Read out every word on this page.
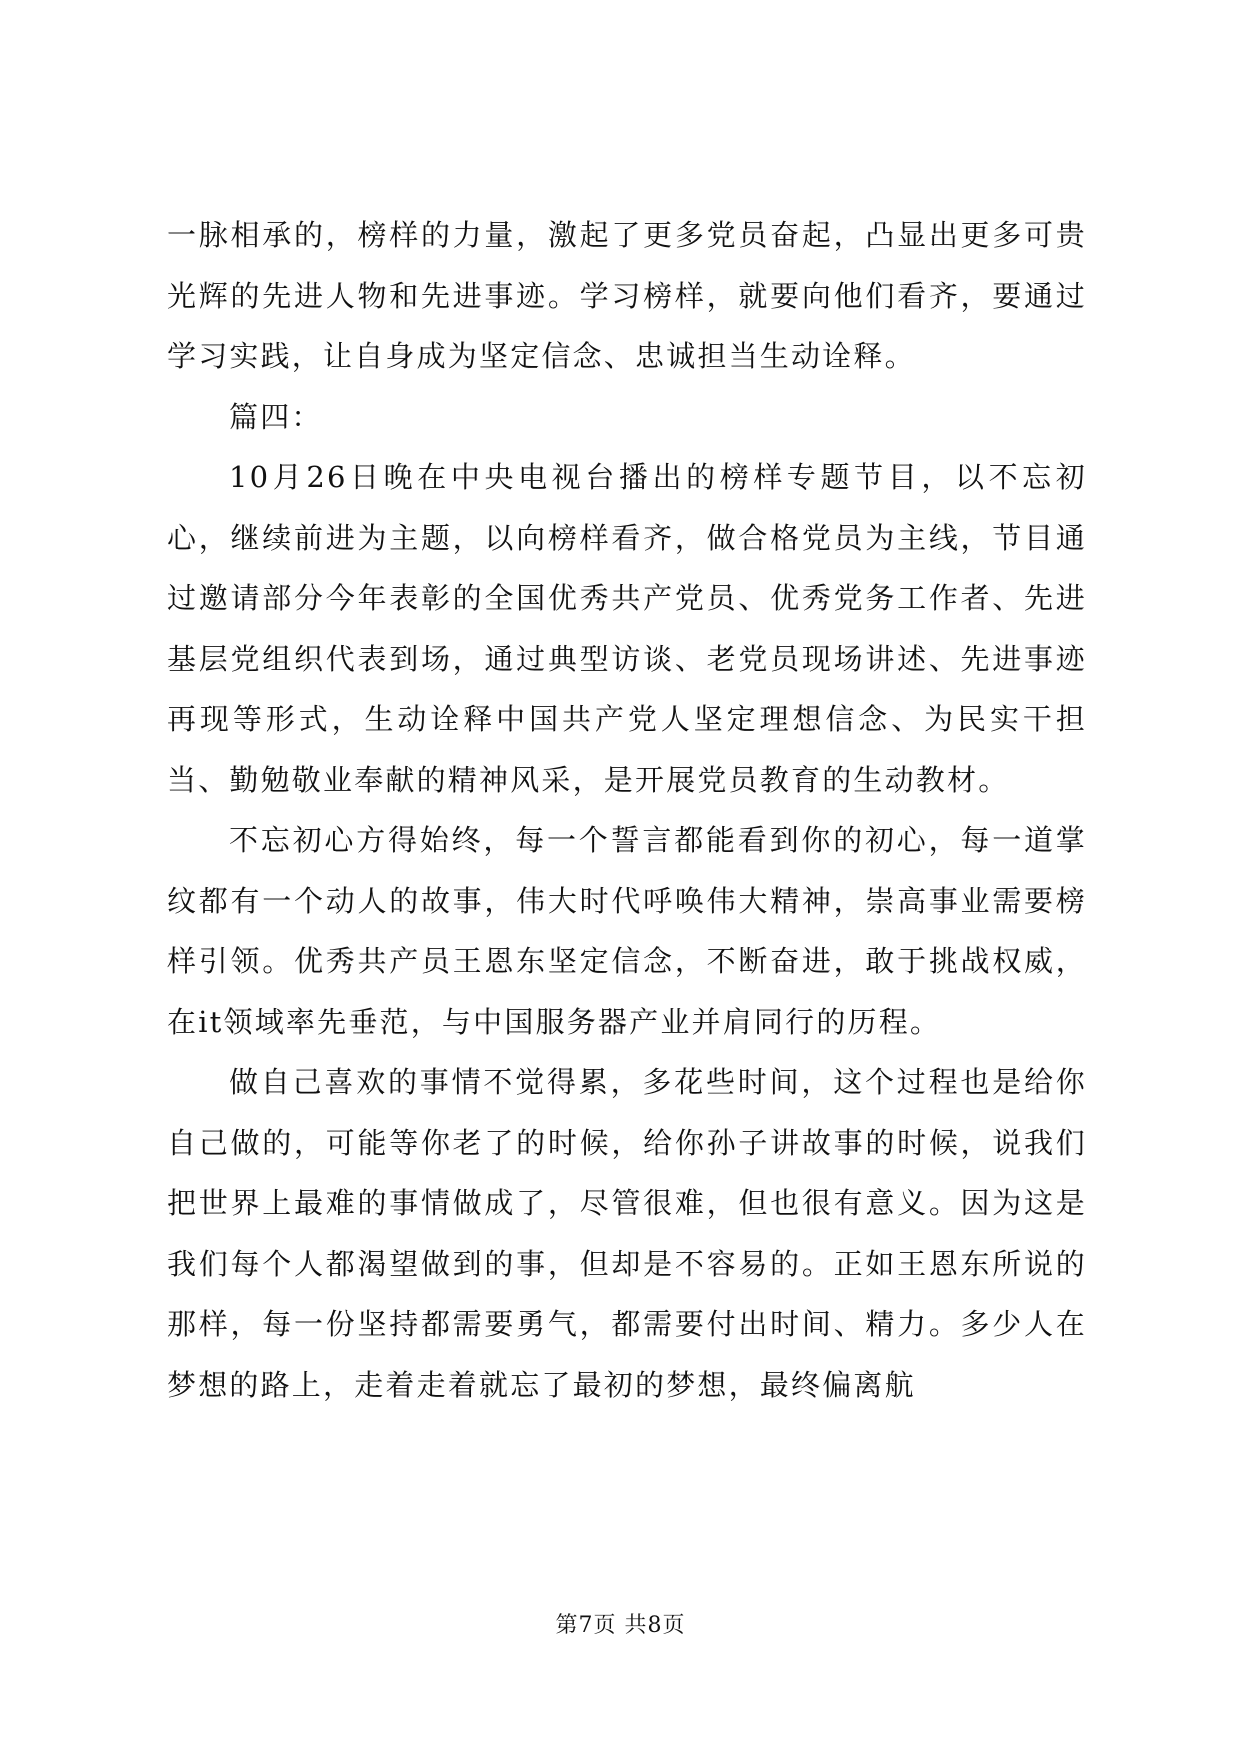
一脉相承的，榜样的力量，激起了更多党员奋起，凸显出更多可贵光辉的先进人物和先进事迹。学习榜样，就要向他们看齐，要通过学习实践，让自身成为坚定信念、忠诚担当生动诠释。

篇四：

10月26日晚在中央电视台播出的榜样专题节目，以不忘初心，继续前进为主题，以向榜样看齐，做合格党员为主线，节目通过邀请部分今年表彰的全国优秀共产党员、优秀党务工作者、先进基层党组织代表到场，通过典型访谈、老党员现场讲述、先进事迹再现等形式，生动诠释中国共产党人坚定理想信念、为民实干担当、勤勉敬业奉献的精神风采，是开展党员教育的生动教材。

不忘初心方得始终，每一个誓言都能看到你的初心，每一道掌纹都有一个动人的故事，伟大时代呼唤伟大精神，崇高事业需要榜样引领。优秀共产员王恩东坚定信念，不断奋进，敢于挑战权威，在it领域率先垂范，与中国服务器产业并肩同行的历程。

做自己喜欢的事情不觉得累，多花些时间，这个过程也是给你自己做的，可能等你老了的时候，给你孙子讲故事的时候，说我们把世界上最难的事情做成了，尽管很难，但也很有意义。因为这是我们每个人都渴望做到的事，但却是不容易的。正如王恩东所说的那样，每一份坚持都需要勇气，都需要付出时间、精力。多少人在梦想的路上，走着走着就忘了最初的梦想，最终偏离航

第7页 共8页
